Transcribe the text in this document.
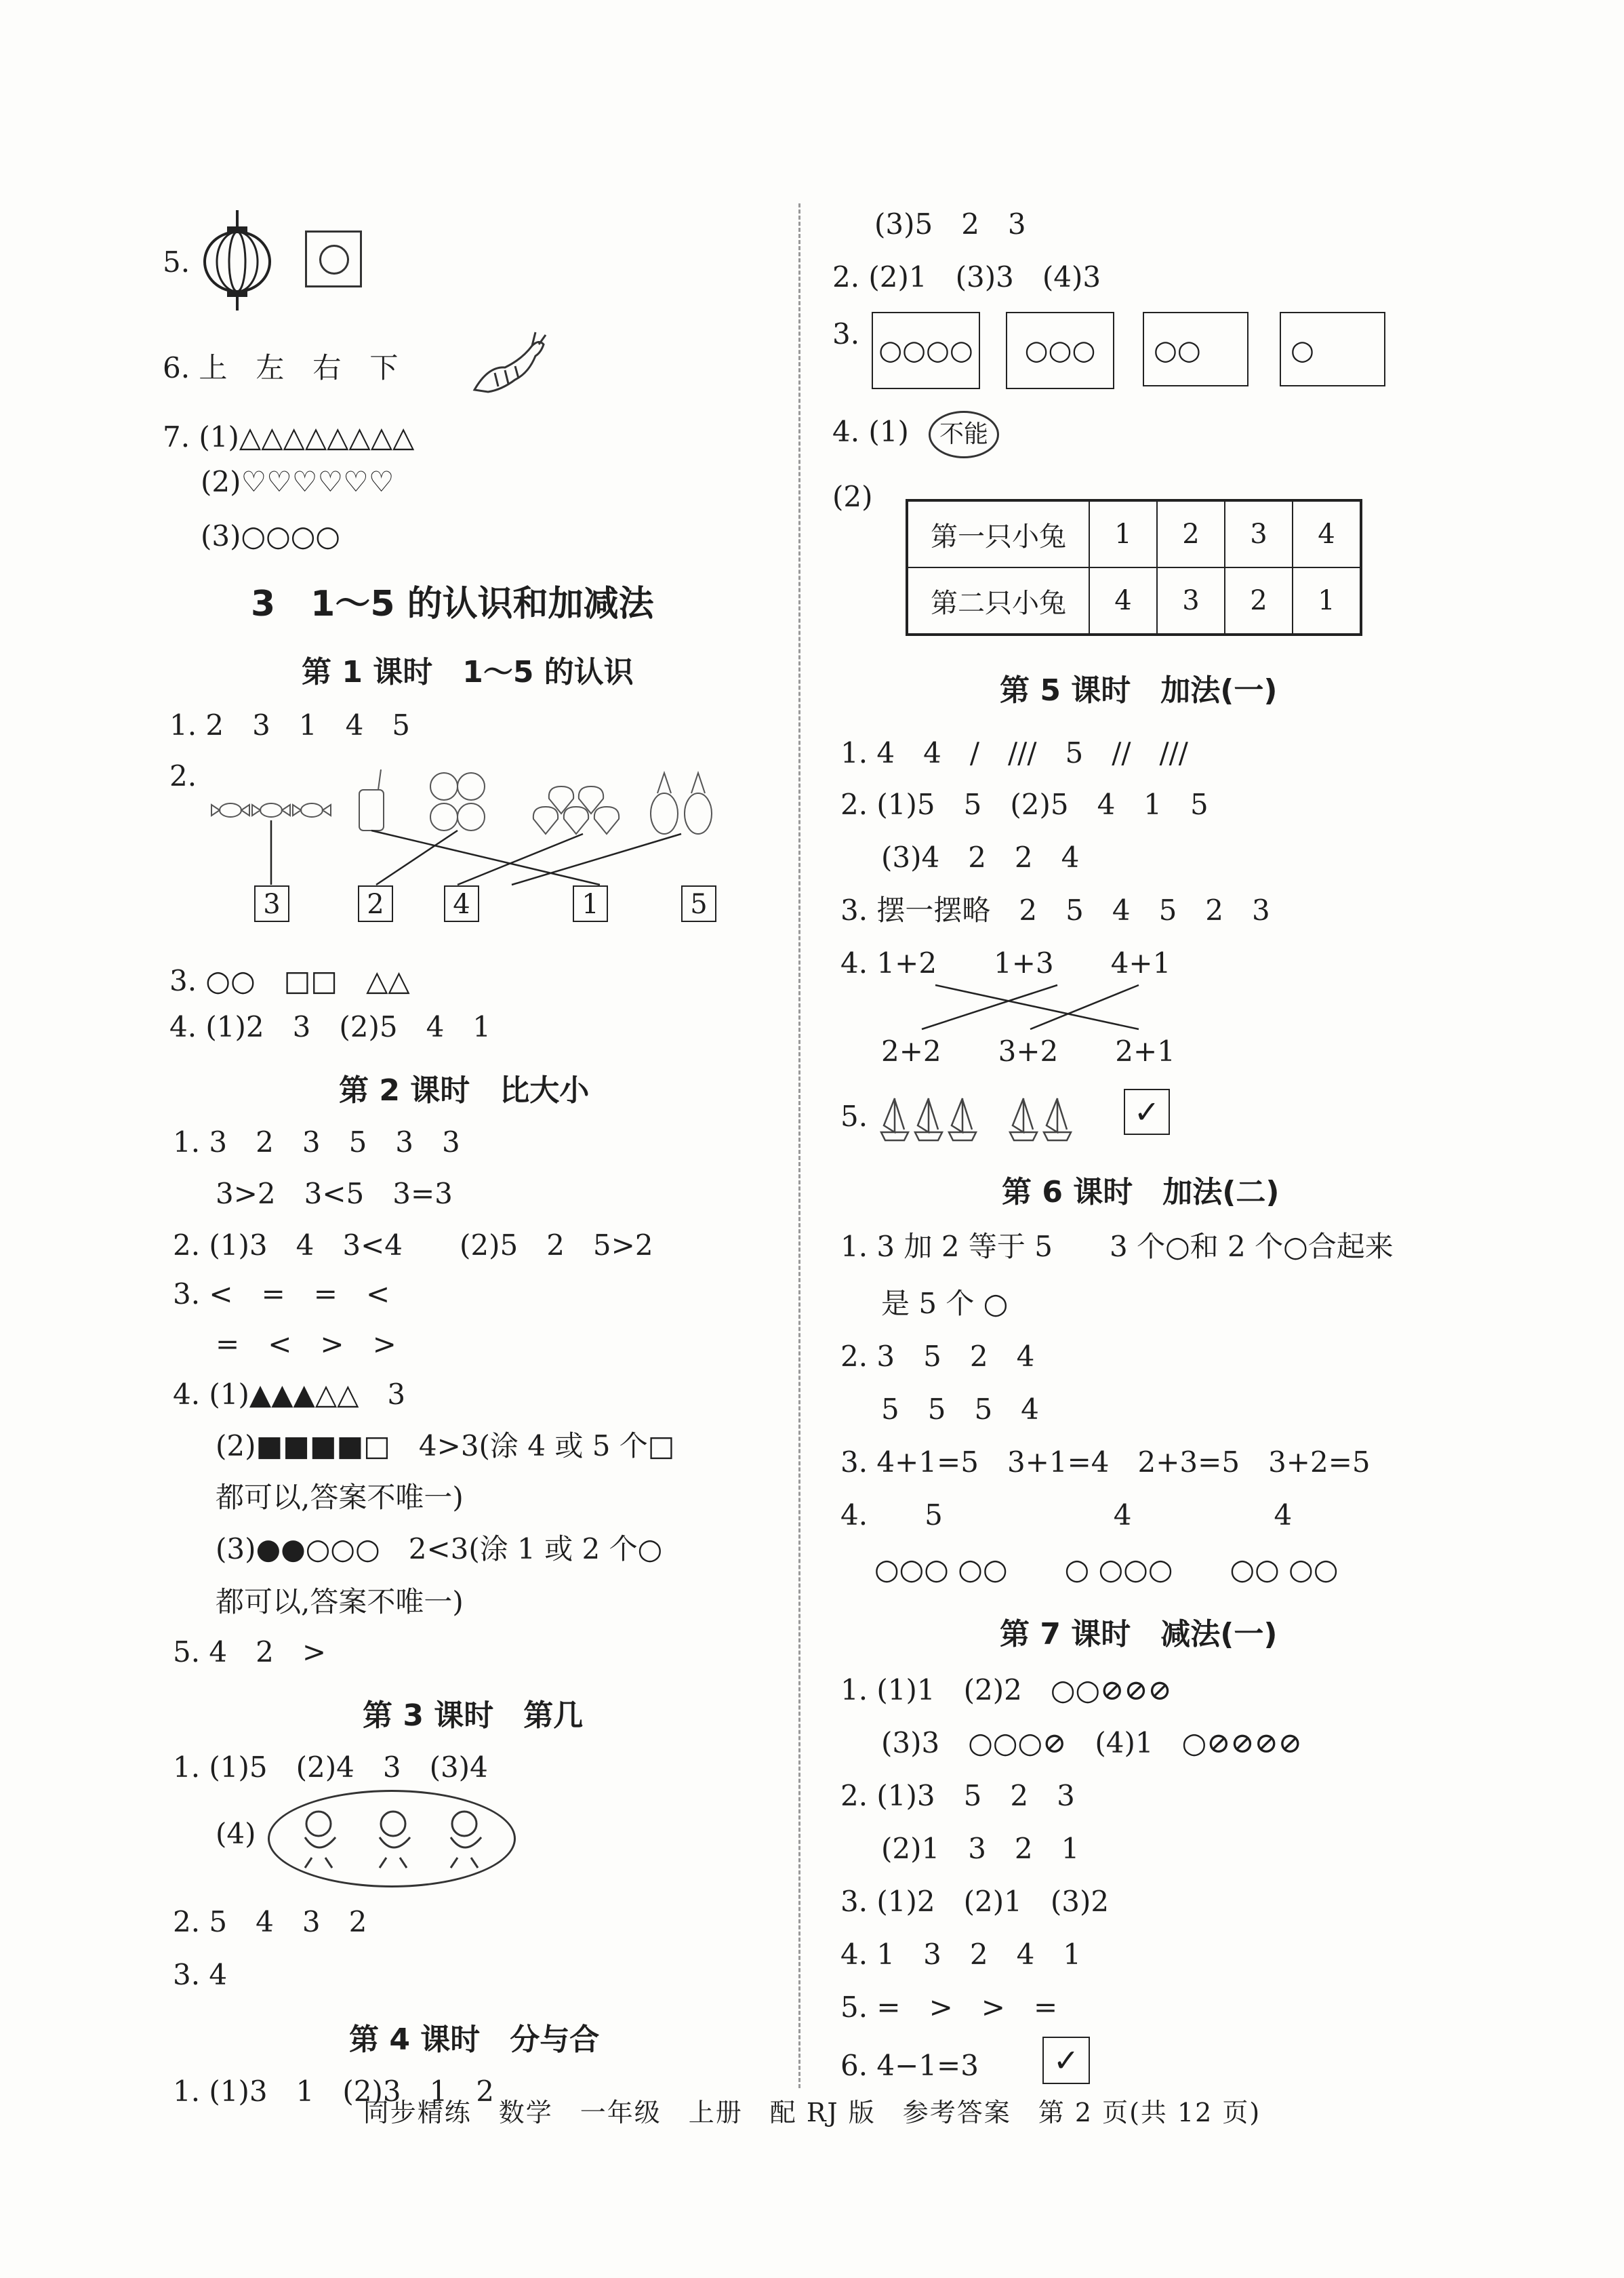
5.
6. 上　左　右　下
7. (1)△△△△△△△△
(2)♡♡♡♡♡♡
(3)○○○○
3　1～5 的认识和加减法
第 1 课时　1～5 的认识
1. 2　3　1　4　5
2.
3	2	4	1	5
3. ○○　□□　△△
4. (1)2　3　(2)5　4　1
第 2 课时　比大小
1. 3　2　3　5　3　3
3>2　3<5　3=3
2. (1)3　4　3<4　　(2)5　2　5>2
3. <　=　=　<
=　<　>　>
4. (1)▲▲▲△△　3
(2)■■■■□　4>3(涂 4 或 5 个□
都可以,答案不唯一)
(3)●●○○○　2<3(涂 1 或 2 个○
都可以,答案不唯一)
5. 4　2　>
第 3 课时　第几
1. (1)5　(2)4　3　(3)4
(4)
2. 5　4　3　2
3. 4
第 4 课时　分与合
1. (1)3　1　(2)3　1　2
(3)5　2　3
2. (2)1　(3)3　(4)3
3. ○○○○	○○○	○○	○
4. (1)	不能
(2)
第一只小兔	1	2	3	4
第二只小兔	4	3	2	1
第 5 课时　加法(一)
1. 4　4　/　///　5　//　///
2. (1)5　5　(2)5　4　1　5
(3)4　2　2　4
3. 摆一摆略　2　5　4　5　2　3
4. 1+2　　1+3　　4+1
2+2　　3+2　　2+1
5.	✓
第 6 课时　加法(二)
1. 3 加 2 等于 5　　3 个○和 2 个○合起来
是 5 个 ○
2. 3　5　2　4
5　5　5　4
3. 4+1=5　3+1=4　2+3=5　3+2=5
4.　　5　　　　　　4　　　　　4
○○○ ○○　　○ ○○○　　○○ ○○
第 7 课时　减法(一)
1. (1)1　(2)2　○○⊘⊘⊘
(3)3　○○○⊘　(4)1　○⊘⊘⊘⊘
2. (1)3　5　2　3
(2)1　3　2　1
3. (1)2　(2)1　(3)2
4. 1　3　2　4　1
5. =　>　>　=
6. 4−1=3	✓
同步精练　数学　一年级　上册　配 RJ 版　参考答案　第 2 页(共 12 页)
